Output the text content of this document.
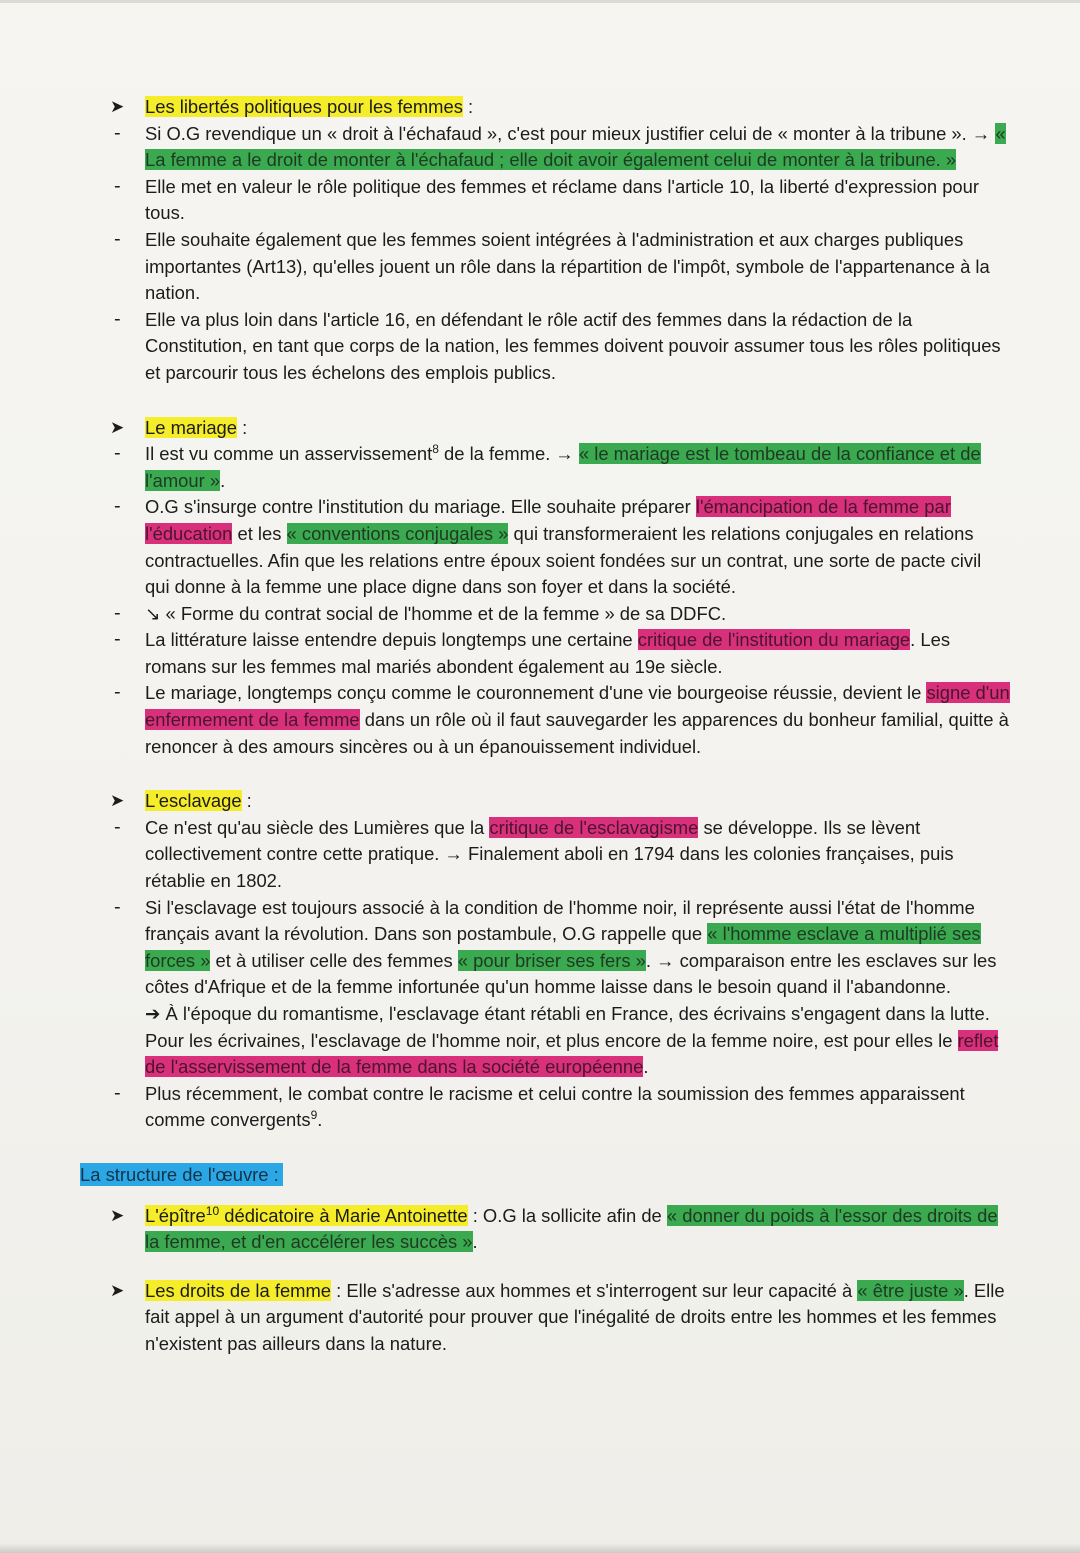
➤	Les libertés politiques pour les femmes :
-	Si O.G revendique un « droit à l'échafaud », c'est pour mieux justifier celui de « monter à la tribune ». → « La femme a le droit de monter à l'échafaud ; elle doit avoir également celui de monter à la tribune. »
-	Elle met en valeur le rôle politique des femmes et réclame dans l'article 10, la liberté d'expression pour tous.
-	Elle souhaite également que les femmes soient intégrées à l'administration et aux charges publiques importantes (Art13), qu'elles jouent un rôle dans la répartition de l'impôt, symbole de l'appartenance à la nation.
-	Elle va plus loin dans l'article 16, en défendant le rôle actif des femmes dans la rédaction de la Constitution, en tant que corps de la nation, les femmes doivent pouvoir assumer tous les rôles politiques et parcourir tous les échelons des emplois publics.
➤	Le mariage :
-	Il est vu comme un asservissement$^8$ de la femme. → « le mariage est le tombeau de la confiance et de l'amour ».
-	O.G s'insurge contre l'institution du mariage. Elle souhaite préparer l'émancipation de la femme par l'éducation et les « conventions conjugales » qui transformeraient les relations conjugales en relations contractuelles. Afin que les relations entre époux soient fondées sur un contrat, une sorte de pacte civil qui donne à la femme une place digne dans son foyer et dans la société.
-	↘ « Forme du contrat social de l'homme et de la femme » de sa DDFC.
-	La littérature laisse entendre depuis longtemps une certaine critique de l'institution du mariage. Les romans sur les femmes mal mariés abondent également au 19e siècle.
-	Le mariage, longtemps conçu comme le couronnement d'une vie bourgeoise réussie, devient le signe d'un enfermement de la femme dans un rôle où il faut sauvegarder les apparences du bonheur familial, quitte à renoncer à des amours sincères ou à un épanouissement individuel.
➤	L'esclavage :
-	Ce n'est qu'au siècle des Lumières que la critique de l'esclavagisme se développe. Ils se lèvent collectivement contre cette pratique. → Finalement aboli en 1794 dans les colonies françaises, puis rétablie en 1802.
-	Si l'esclavage est toujours associé à la condition de l'homme noir, il représente aussi l'état de l'homme français avant la révolution. Dans son postambule, O.G rappelle que « l'homme esclave a multiplié ses forces » et à utiliser celle des femmes « pour briser ses fers ». → comparaison entre les esclaves sur les côtes d'Afrique et de la femme infortunée qu'un homme laisse dans le besoin quand il l'abandonne.
➔ À l'époque du romantisme, l'esclavage étant rétabli en France, des écrivains s'engagent dans la lutte. Pour les écrivaines, l'esclavage de l'homme noir, et plus encore de la femme noire, est pour elles le reflet de l'asservissement de la femme dans la société européenne.
-	Plus récemment, le combat contre le racisme et celui contre la soumission des femmes apparaissent comme convergents$^9$.
La structure de l'œuvre :
➤	L'épître$^{10}$ dédicatoire à Marie Antoinette : O.G la sollicite afin de « donner du poids à l'essor des droits de la femme, et d'en accélérer les succès ».
➤	Les droits de la femme : Elle s'adresse aux hommes et s'interrogent sur leur capacité à « être juste ». Elle fait appel à un argument d'autorité pour prouver que l'inégalité de droits entre les hommes et les femmes n'existent pas ailleurs dans la nature.
